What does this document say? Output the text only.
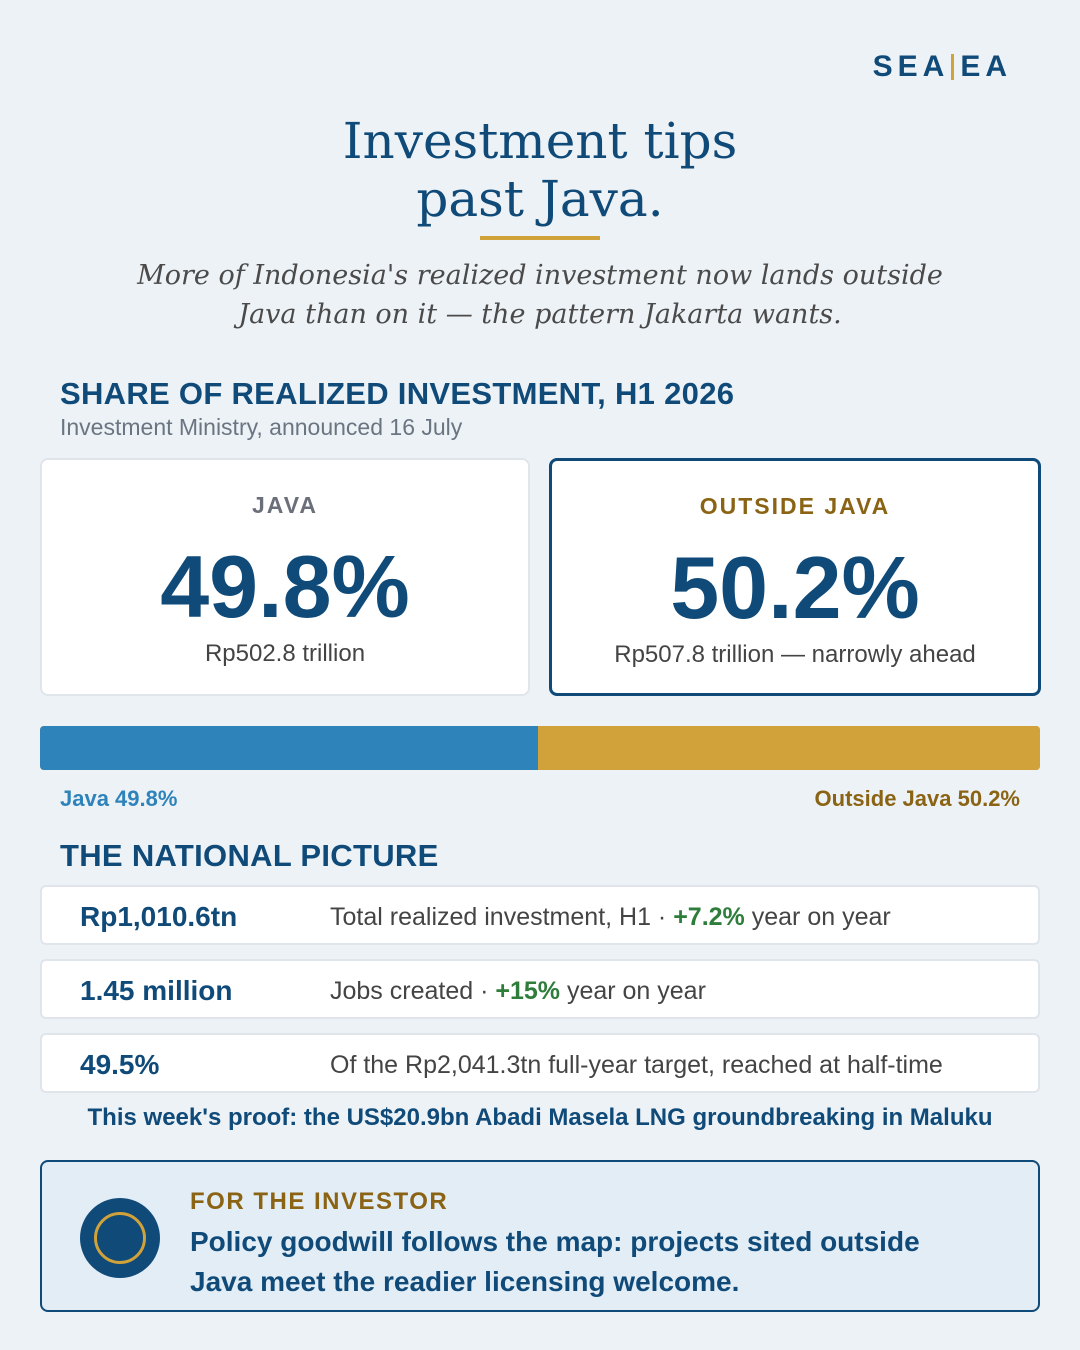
SEA EA
Investment tips
past Java.
More of Indonesia's realized investment now lands outside
Java than on it — the pattern Jakarta wants.
SHARE OF REALIZED INVESTMENT, H1 2026
Investment Ministry, announced 16 July
JAVA
49.8%
Rp502.8 trillion
OUTSIDE JAVA
50.2%
Rp507.8 trillion — narrowly ahead
Java 49.8%	Outside Java 50.2%
THE NATIONAL PICTURE
Rp1,010.6tn	Total realized investment, H1 · +7.2% year on year
1.45 million	Jobs created · +15% year on year
49.5%	Of the Rp2,041.3tn full-year target, reached at half-time
This week's proof: the US$20.9bn Abadi Masela LNG groundbreaking in Maluku
FOR THE INVESTOR
Policy goodwill follows the map: projects sited outside
Java meet the readier licensing welcome.
